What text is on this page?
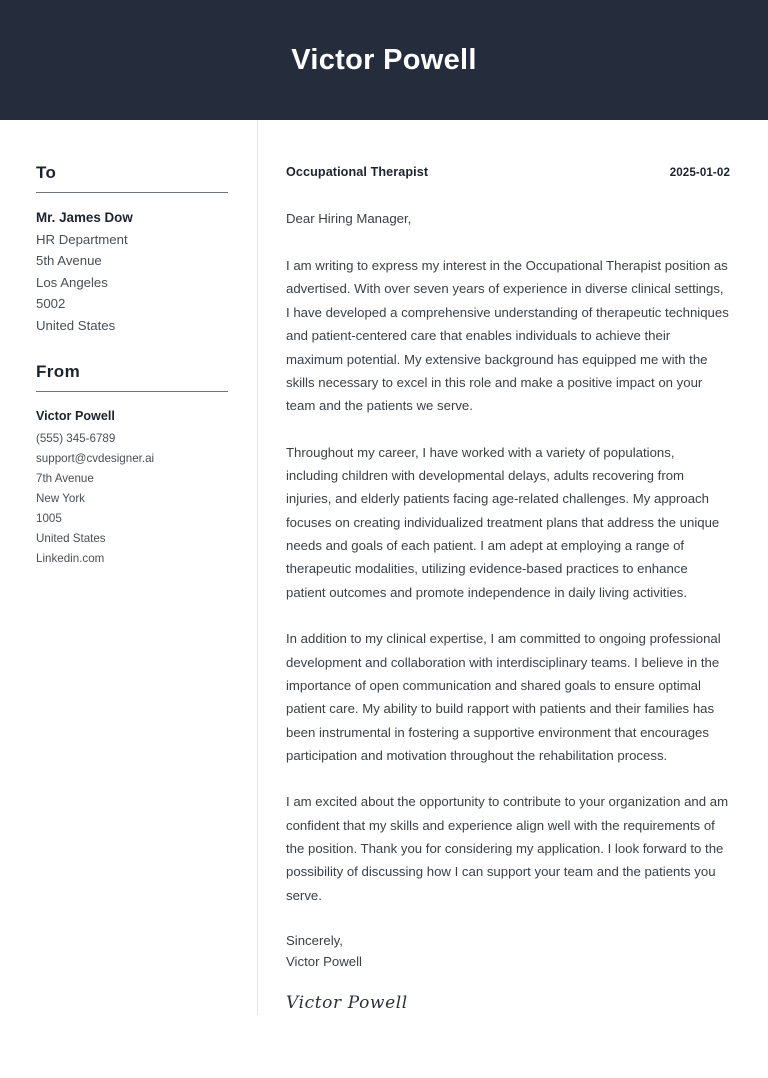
Victor Powell
To
Mr. James Dow
HR Department
5th Avenue
Los Angeles
5002
United States
From
Victor Powell
(555) 345-6789
support@cvdesigner.ai
7th Avenue
New York
1005
United States
Linkedin.com
Occupational Therapist	2025-01-02

Dear Hiring Manager,

I am writing to express my interest in the Occupational Therapist position as advertised. With over seven years of experience in diverse clinical settings, I have developed a comprehensive understanding of therapeutic techniques and patient-centered care that enables individuals to achieve their maximum potential. My extensive background has equipped me with the skills necessary to excel in this role and make a positive impact on your team and the patients we serve.

Throughout my career, I have worked with a variety of populations, including children with developmental delays, adults recovering from injuries, and elderly patients facing age-related challenges. My approach focuses on creating individualized treatment plans that address the unique needs and goals of each patient. I am adept at employing a range of therapeutic modalities, utilizing evidence-based practices to enhance patient outcomes and promote independence in daily living activities.

In addition to my clinical expertise, I am committed to ongoing professional development and collaboration with interdisciplinary teams. I believe in the importance of open communication and shared goals to ensure optimal patient care. My ability to build rapport with patients and their families has been instrumental in fostering a supportive environment that encourages participation and motivation throughout the rehabilitation process.

I am excited about the opportunity to contribute to your organization and am confident that my skills and experience align well with the requirements of the position. Thank you for considering my application. I look forward to the possibility of discussing how I can support your team and the patients you serve.

Sincerely,
Victor Powell

Victor Powell
